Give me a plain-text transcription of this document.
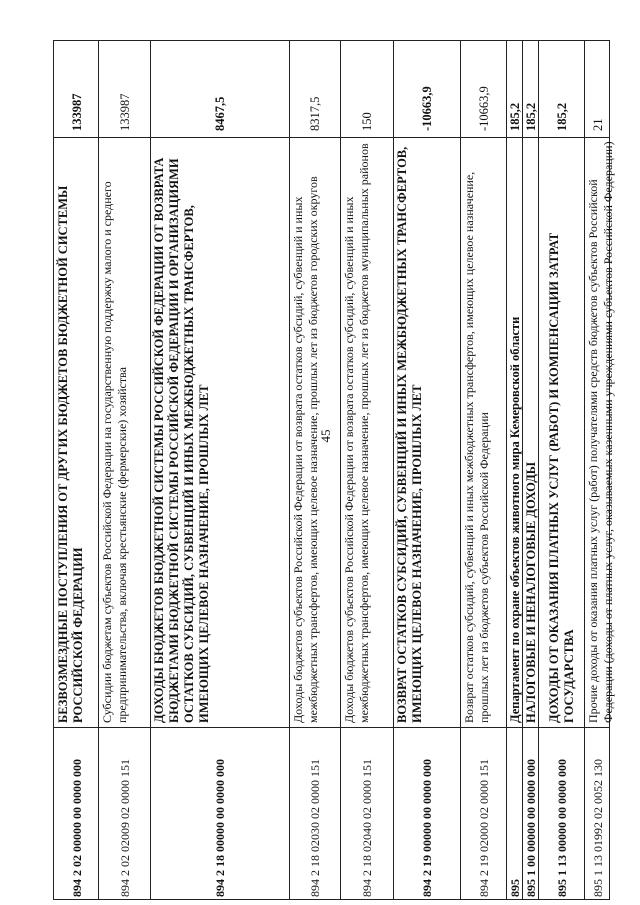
45
894 2 02 00000 00 0000 000
БЕЗВОЗМЕЗДНЫЕ ПОСТУПЛЕНИЯ ОТ ДРУГИХ БЮДЖЕТОВ БЮДЖЕТНОЙ СИСТЕМЫ РОССИЙСКОЙ ФЕДЕРАЦИИ
133987
894 2 02 02009 02 0000 151
Субсидии бюджетам субъектов Российской Федерации на государственную поддержку малого и среднего предпринимательства, включая крестьянские (фермерские) хозяйства
133987
894 2 18 00000 00 0000 000
ДОХОДЫ БЮДЖЕТОВ БЮДЖЕТНОЙ СИСТЕМЫ РОССИЙСКОЙ ФЕДЕРАЦИИ ОТ ВОЗВРАТА БЮДЖЕТАМИ БЮДЖЕТНОЙ СИСТЕМЫ РОССИЙСКОЙ ФЕДЕРАЦИИ И ОРГАНИЗАЦИЯМИ ОСТАТКОВ СУБСИДИЙ, СУБВЕНЦИЙ И ИНЫХ МЕЖБЮДЖЕТНЫХ ТРАНСФЕРТОВ, ИМЕЮЩИХ ЦЕЛЕВОЕ НАЗНАЧЕНИЕ, ПРОШЛЫХ ЛЕТ
8467,5
894 2 18 02030 02 0000 151
Доходы бюджетов субъектов Российской Федерации от возврата остатков субсидий, субвенций и иных межбюджетных трансфертов, имеющих целевое назначение, прошлых лет из бюджетов городских округов
8317,5
894 2 18 02040 02 0000 151
Доходы бюджетов субъектов Российской Федерации от возврата остатков субсидий, субвенций и иных межбюджетных трансфертов, имеющих целевое назначение, прошлых лет из бюджетов муниципальных районов
150
894 2 19 00000 00 0000 000
ВОЗВРАТ ОСТАТКОВ СУБСИДИЙ, СУБВЕНЦИЙ И ИНЫХ МЕЖБЮДЖЕТНЫХ ТРАНСФЕРТОВ, ИМЕЮЩИХ ЦЕЛЕВОЕ НАЗНАЧЕНИЕ, ПРОШЛЫХ ЛЕТ
-10663,9
894 2 19 02000 02 0000 151
Возврат остатков субсидий, субвенций и иных межбюджетных трансфертов, имеющих целевое назначение, прошлых лет из бюджетов субъектов Российской Федерации
-10663,9
895
Департамент по охране объектов животного мира Кемеровской области
185,2
895 1 00 00000 00 0000 000
НАЛОГОВЫЕ И НЕНАЛОГОВЫЕ ДОХОДЫ
185,2
895 1 13 00000 00 0000 000
ДОХОДЫ ОТ ОКАЗАНИЯ ПЛАТНЫХ УСЛУГ (РАБОТ) И КОМПЕНСАЦИИ ЗАТРАТ ГОСУДАРСТВА
185,2
895 1 13 01992 02 0052 130
Прочие доходы от оказания платных услуг (работ) получателями средств бюджетов субъектов Российской Федерации (доходы от платных услуг, оказываемых казенными учреждениями субъектов Российской Федерации)
21
